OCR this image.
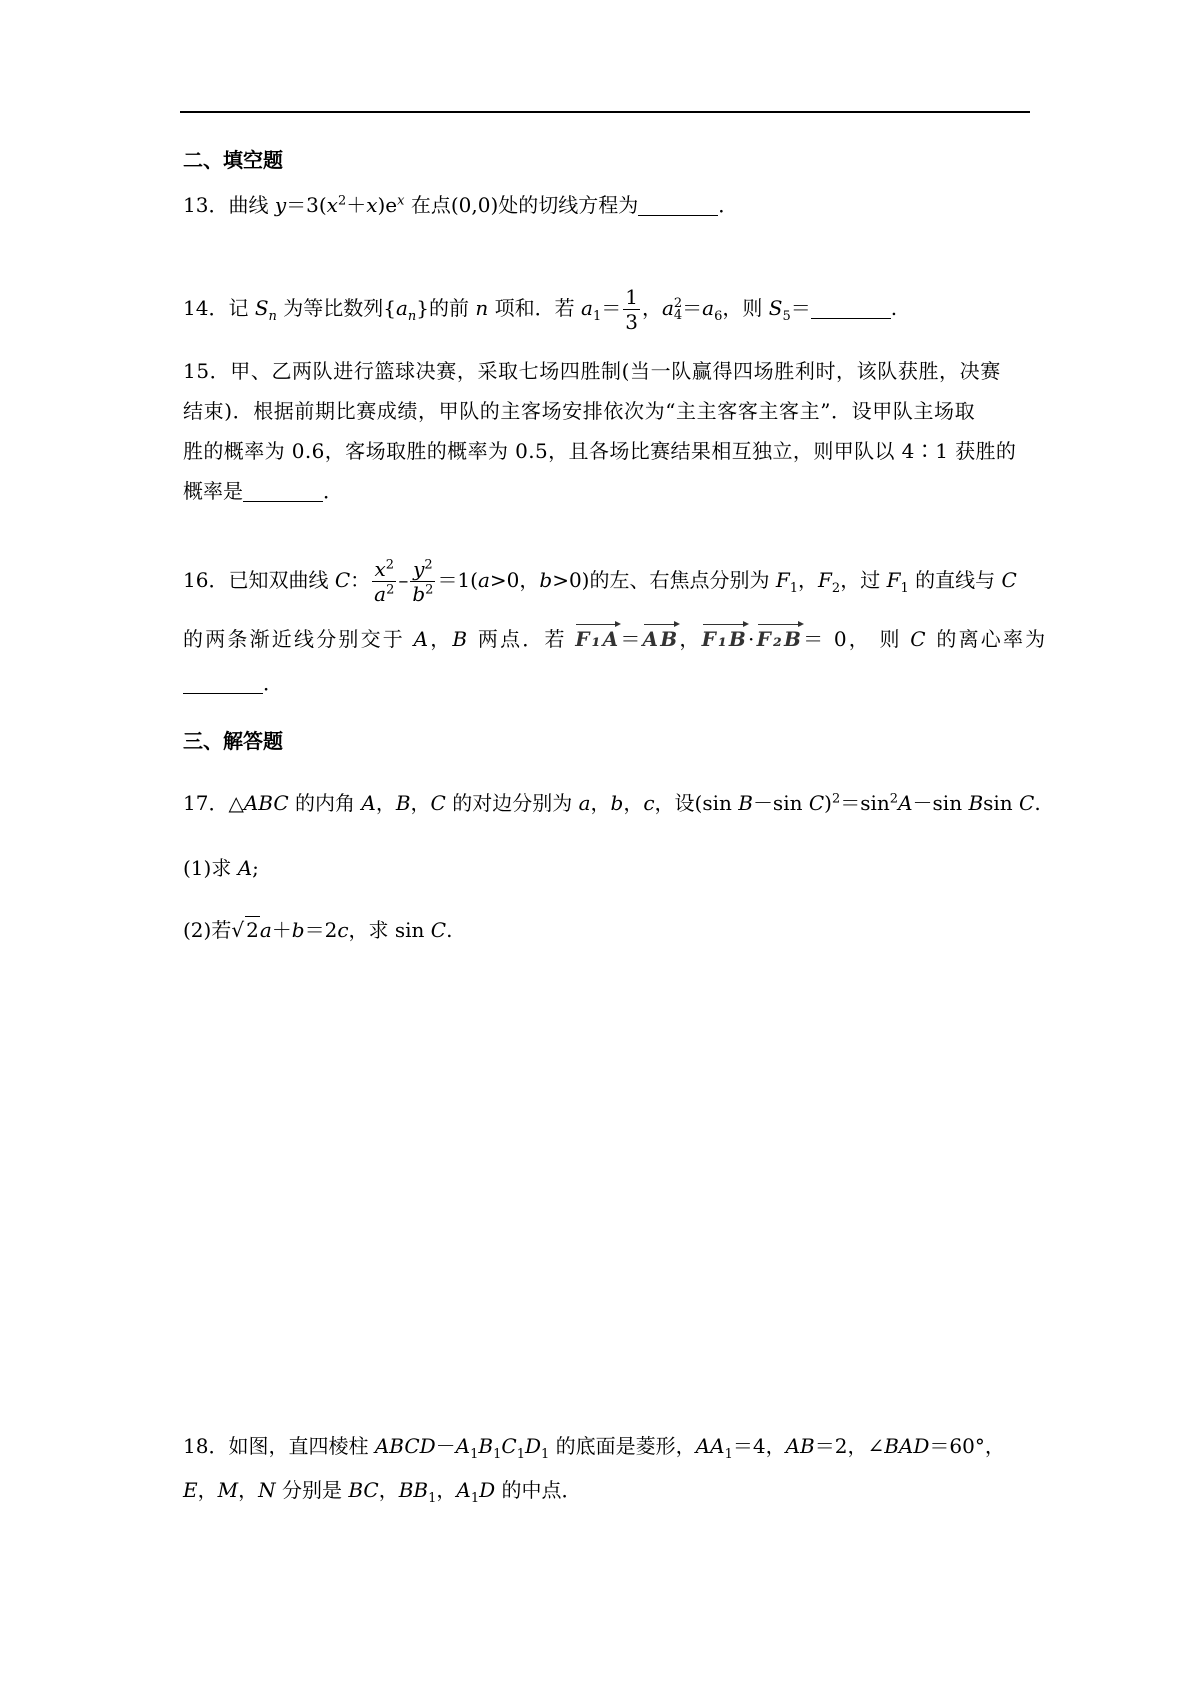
二、填空题
13．曲线 $y=3(x^2+x)e^x$ 在点(0,0)处的切线方程为	．
14．记 $S_n$ 为等比数列$\{a_n\}$的前 n 项和．若 $a_1= \frac{1}{3}$ ，a 2
$4 =a_6$，则 $S_5=$	.
15．甲、乙两队进行篮球决赛，采取七场四胜制(当一队赢得四场胜利时，该队获胜，决赛
结束)．根据前期比赛成绩，甲队的主客场安排依次为“主主客客主客主”．设甲队主场取
胜的概率为 0.6，客场取胜的概率为 0.5，且各场比赛结果相互独立，则甲队以 4∶1 获胜的
概率是	．
16．已知双曲线 C： $\frac{x^2}{a^2} - \frac{y^2}{b^2} =1(a>0$，b>0)的左、右焦点分别为 $F_1$，$F_2$，过 $F_1$ 的直线与 C
的两条渐近线分别交于 A，B 两点．若 F₁A＝AB，F₁B·F₂B＝ 0， 则 C 的离心率为
．
三、解答题
17．△ABC 的内角 A，B，C 的对边分别为 a，b，c，设(sin B－sin $C)^2=\sin^2A-\sin$ Bsin C.
(1)求 A;
(2)若√ 2a＋b＝2c，求 sin C.
18．如图，直四棱柱 $ABCD-A_1B_1C_1D_1$ 的底面是菱形，$AA_1=4$，AB＝2，∠BAD＝60°，
E，M，N 分别是 BC，$BB_1$，$A_1D$ 的中点．
